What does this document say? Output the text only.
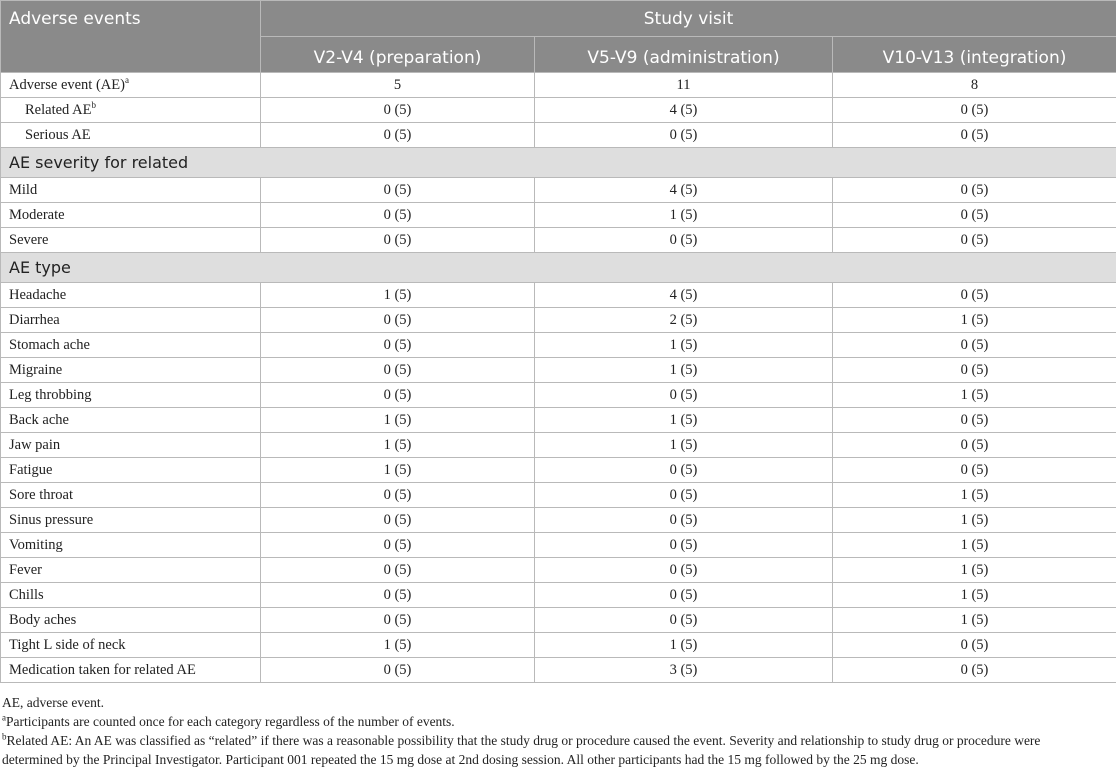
Adverse events	Study visit		
	V2-V4 (preparation)	V5-V9 (administration)	V10-V13 (integration)
Adverse event (AE)$^a$	5	11	8
Related $AE^b$	0 (5)	4 (5)	0 (5)
Serious AE	0 (5)	0 (5)	0 (5)
AE severity for related			
Mild	0 (5)	4 (5)	0 (5)
Moderate	0 (5)	1 (5)	0 (5)
Severe	0 (5)	0 (5)	0 (5)
AE type			
Headache	1 (5)	4 (5)	0 (5)
Diarrhea	0 (5)	2 (5)	1 (5)
Stomach ache	0 (5)	1 (5)	0 (5)
Migraine	0 (5)	1 (5)	0 (5)
Leg throbbing	0 (5)	0 (5)	1 (5)
Back ache	1 (5)	1 (5)	0 (5)
Jaw pain	1 (5)	1 (5)	0 (5)
Fatigue	1 (5)	0 (5)	0 (5)
Sore throat	0 (5)	0 (5)	1 (5)
Sinus pressure	0 (5)	0 (5)	1 (5)
Vomiting	0 (5)	0 (5)	1 (5)
Fever	0 (5)	0 (5)	1 (5)
Chills	0 (5)	0 (5)	1 (5)
Body aches	0 (5)	0 (5)	1 (5)
Tight L side of neck	1 (5)	1 (5)	0 (5)
Medication taken for related AE	0 (5)	3 (5)	0 (5)
AE, adverse event.
$^a$Participants are counted once for each category regardless of the number of events.
$^b$Related AE: An AE was classified as “related” if there was a reasonable possibility that the study drug or procedure caused the event. Severity and relationship to study drug or procedure were
determined by the Principal Investigator. Participant 001 repeated the 15 mg dose at 2nd dosing session. All other participants had the 15 mg followed by the 25 mg dose.
